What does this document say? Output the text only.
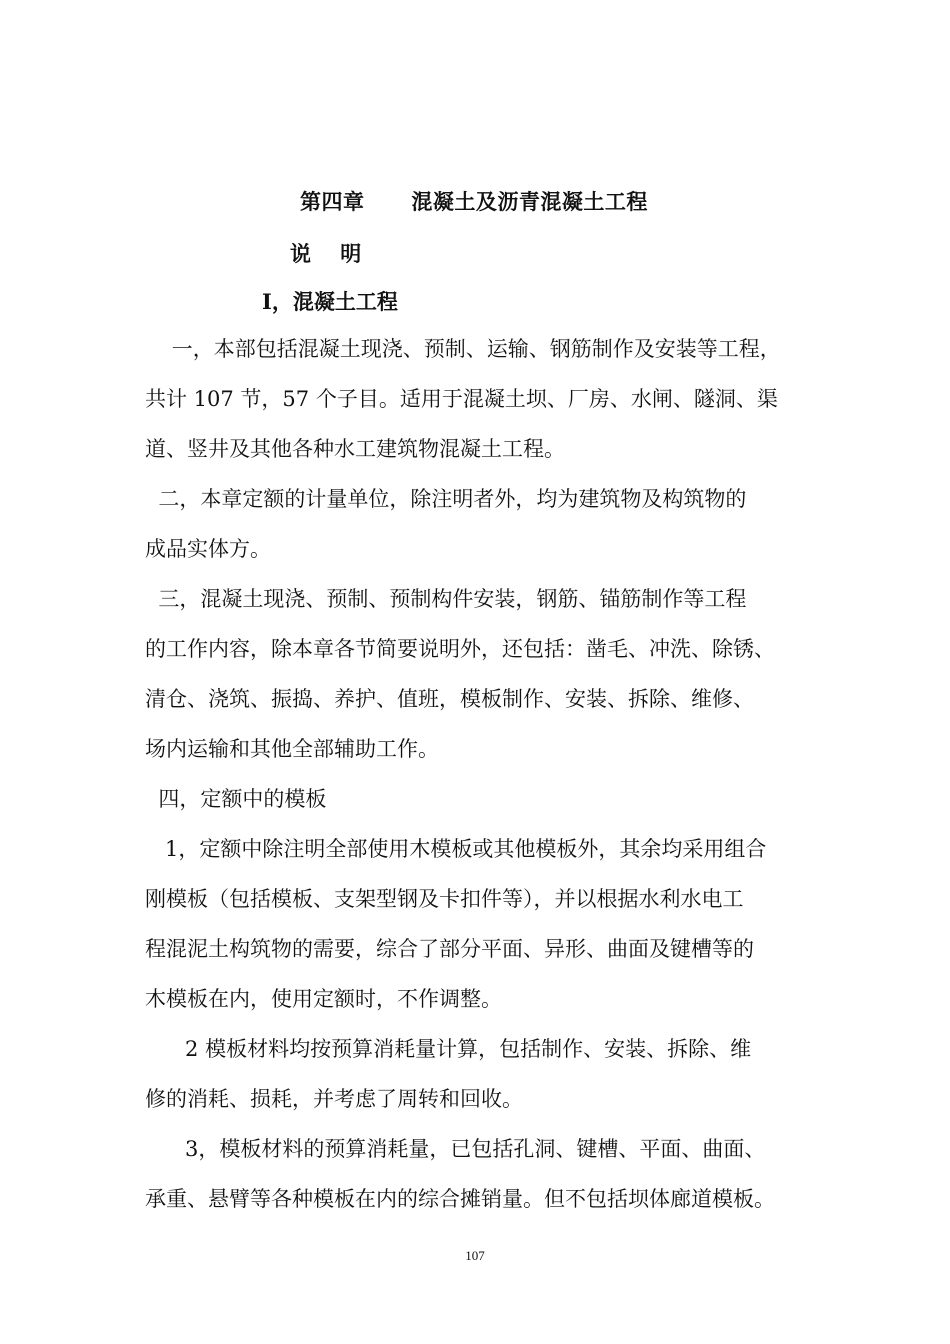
第四章      混凝土及沥青混凝土工程
说    明
I，混凝土工程
一，本部包括混凝土现浇、预制、运输、钢筋制作及安装等工程，
共计 107 节，57 个子目。适用于混凝土坝、厂房、水闸、隧洞、渠
道、竖井及其他各种水工建筑物混凝土工程。
二，本章定额的计量单位，除注明者外，均为建筑物及构筑物的
成品实体方。
三，混凝土现浇、预制、预制构件安装，钢筋、锚筋制作等工程
的工作内容，除本章各节简要说明外，还包括：凿毛、冲洗、除锈、
清仓、浇筑、振捣、养护、值班，模板制作、安装、拆除、维修、
场内运输和其他全部辅助工作。
四，定额中的模板
1，定额中除注明全部使用木模板或其他模板外，其余均采用组合
刚模板（包括模板、支架型钢及卡扣件等），并以根据水利水电工
程混泥土构筑物的需要，综合了部分平面、异形、曲面及键槽等的
木模板在内，使用定额时，不作调整。
2 模板材料均按预算消耗量计算，包括制作、安装、拆除、维
修的消耗、损耗，并考虑了周转和回收。
3，模板材料的预算消耗量，已包括孔洞、键槽、平面、曲面、
承重、悬臂等各种模板在内的综合摊销量。但不包括坝体廊道模板。
107
